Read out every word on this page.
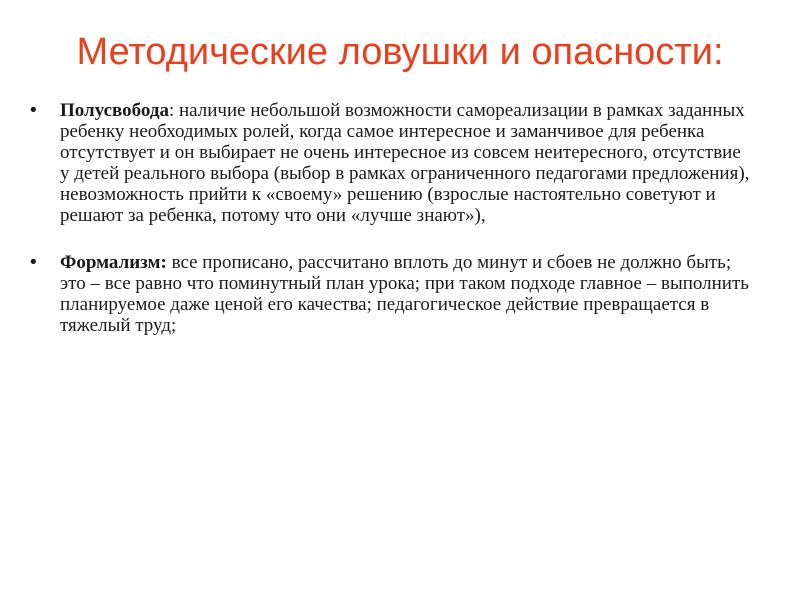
Методические ловушки и опасности:
•	Полусвобода: наличие небольшой возможности самореализации в рамках заданных ребенку необходимых ролей, когда самое интересное и заманчивое для ребенка отсутствует и он выбирает не очень интересное из совсем неитересного, отсутствие у детей реального выбора (выбор в рамках ограниченного педагогами предложения), невозможность прийти к «своему» решению (взрослые настоятельно советуют и решают за ребенка, потому что они «лучше знают»),
•	Формализм: все прописано, рассчитано вплоть до минут и сбоев не должно быть; это – все равно что поминутный план урока; при таком подходе главное – выполнить планируемое даже ценой его качества; педагогическое действие превращается в тяжелый труд;
